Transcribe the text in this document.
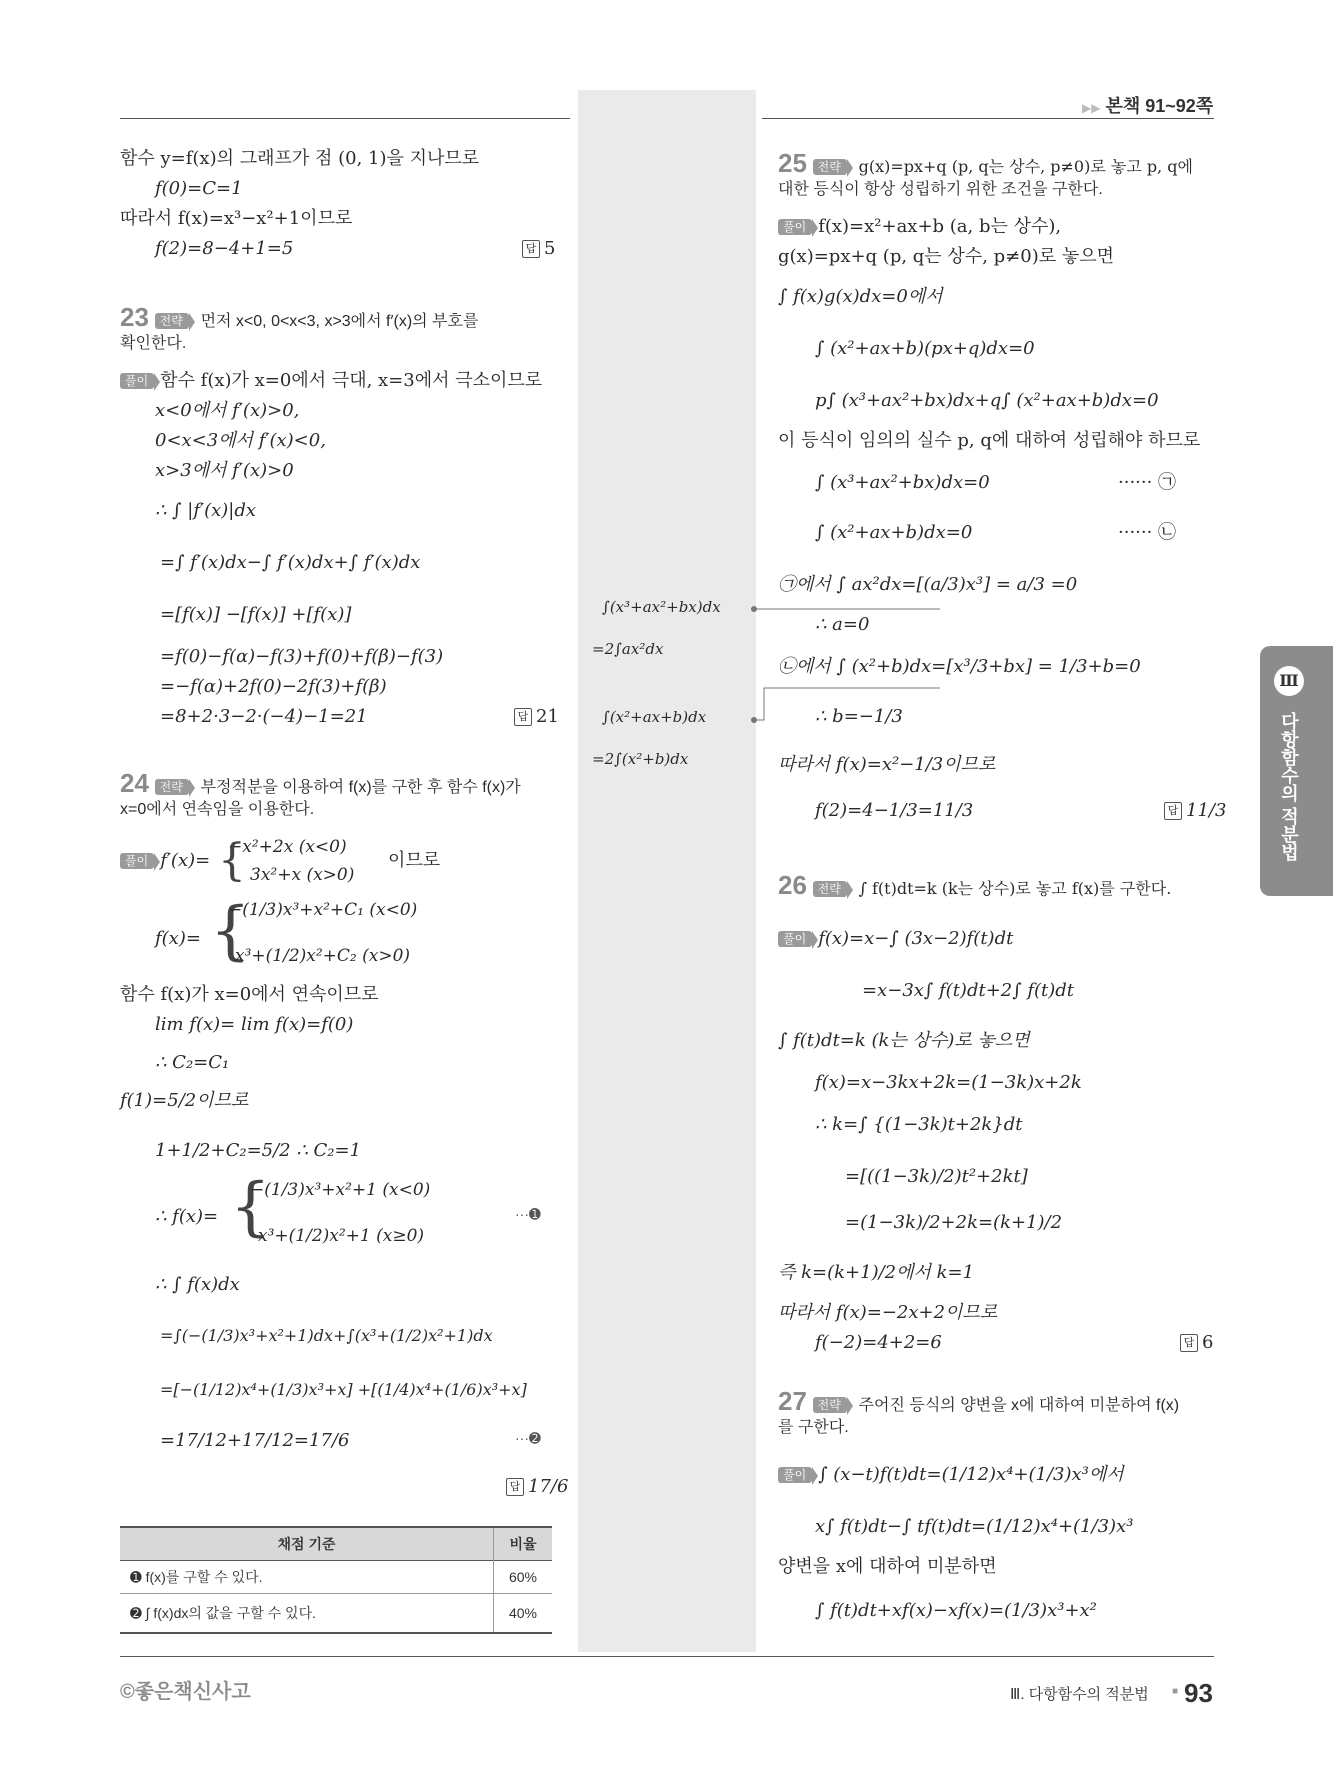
▶▶ 본책 91~92쪽
∫(x³+ax²+bx)dx
=2∫ax²dx
∫(x²+ax+b)dx
=2∫(x²+b)dx
Ⅲ
다항함수의 적분법
함수 y=f(x)의 그래프가 점 (0, 1)을 지나므로
f(0)=C=1
따라서 f(x)=x³−x²+1이므로
f(2)=8−4+1=5	답 5
23 전략 먼저 x<0, 0<x<3, x>3에서 f′(x)의 부호를
확인한다.
풀이 함수 f(x)가 x=0에서 극대, x=3에서 극소이므로
x<0에서 f′(x)>0,
0<x<3에서 f′(x)<0,
x>3에서 f′(x)>0
∴ ∫ |f′(x)|dx
=∫ f′(x)dx−∫ f′(x)dx+∫ f′(x)dx
=[f(x)] −[f(x)] +[f(x)]
=f(0)−f(α)−f(3)+f(0)+f(β)−f(3)
=−f(α)+2f(0)−2f(3)+f(β)
=8+2·3−2·(−4)−1=21	답 21
24 전략 부정적분을 이용하여 f(x)를 구한 후 함수 f(x)가
x=0에서 연속임을 이용한다.
풀이 f′(x)=
−x²+2x (x<0)
3x²+x (x>0)
이므로
{
f(x)= {
−(1/3)x³+x²+C₁ (x<0)
x³+(1/2)x²+C₂ (x>0)
함수 f(x)가 x=0에서 연속이므로
lim f(x)= lim f(x)=f(0)
∴ C₂=C₁
f(1)=5/2이므로
1+1/2+C₂=5/2 ∴ C₂=1
∴ f(x)= {
−(1/3)x³+x²+1 (x<0)
x³+(1/2)x²+1 (x≥0)
···➊
∴ ∫ f(x)dx
=∫(−(1/3)x³+x²+1)dx+∫(x³+(1/2)x²+1)dx
=[−(1/12)x⁴+(1/3)x³+x] +[(1/4)x⁴+(1/6)x³+x]
=17/12+17/12=17/6	···➋
답 17/6
채점 기준	비율
➊ f(x)를 구할 수 있다.	60%
➋ ∫ f(x)dx의 값을 구할 수 있다.	40%
25 전략 g(x)=px+q (p, q는 상수, p≠0)로 놓고 p, q에
대한 등식이 항상 성립하기 위한 조건을 구한다.
풀이 f(x)=x²+ax+b (a, b는 상수),
g(x)=px+q (p, q는 상수, p≠0)로 놓으면
∫ f(x)g(x)dx=0에서
∫ (x²+ax+b)(px+q)dx=0
p∫ (x³+ax²+bx)dx+q∫ (x²+ax+b)dx=0
이 등식이 임의의 실수 p, q에 대하여 성립해야 하므로
∫ (x³+ax²+bx)dx=0	······ ㉠
∫ (x²+ax+b)dx=0	······ ㉡
㉠에서 ∫ ax²dx=[(a/3)x³] = a/3 =0
∴ a=0
㉡에서 ∫ (x²+b)dx=[x³/3+bx] = 1/3+b=0
∴ b=−1/3
따라서 f(x)=x²−1/3이므로
f(2)=4−1/3=11/3	답 11/3
26 전략 ∫ f(t)dt=k (k는 상수)로 놓고 f(x)를 구한다.
풀이 f(x)=x−∫ (3x−2)f(t)dt
=x−3x∫ f(t)dt+2∫ f(t)dt
∫ f(t)dt=k (k는 상수)로 놓으면
f(x)=x−3kx+2k=(1−3k)x+2k
∴ k=∫ {(1−3k)t+2k}dt
=[((1−3k)/2)t²+2kt]
=(1−3k)/2+2k=(k+1)/2
즉 k=(k+1)/2에서 k=1
따라서 f(x)=−2x+2이므로
f(−2)=4+2=6	답 6
27 전략 주어진 등식의 양변을 x에 대하여 미분하여 f(x)
를 구한다.
풀이 ∫ (x−t)f(t)dt=(1/12)x⁴+(1/3)x³에서
x∫ f(t)dt−∫ tf(t)dt=(1/12)x⁴+(1/3)x³
양변을 x에 대하여 미분하면
∫ f(t)dt+xf(x)−xf(x)=(1/3)x³+x²
©좋은책신사고	Ⅲ. 다항함수의 적분법 ■ 93
